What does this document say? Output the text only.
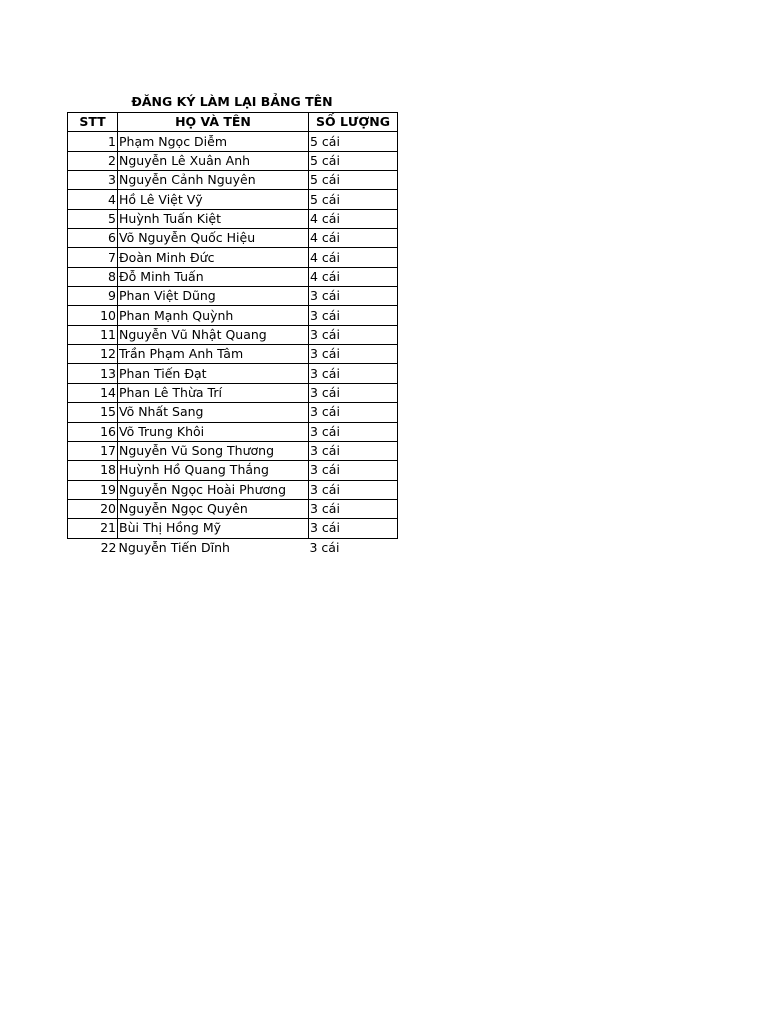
ĐĂNG KÝ LÀM LẠI BẢNG TÊN
STT	HỌ VÀ TÊN	SỐ LƯỢNG
1	Phạm Ngọc Diễm	5 cái
2	Nguyễn Lê Xuân Anh	5 cái
3	Nguyễn Cảnh Nguyên	5 cái
4	Hồ Lê Việt Vỹ	5 cái
5	Huỳnh Tuấn Kiệt	4 cái
6	Võ Nguyễn Quốc Hiệu	4 cái
7	Đoàn Minh Đức	4 cái
8	Đỗ Minh Tuấn	4 cái
9	Phan Việt Dũng	3 cái
10	Phan Mạnh Quỳnh	3 cái
11	Nguyễn Vũ Nhật Quang	3 cái
12	Trần Phạm Anh Tâm	3 cái
13	Phan Tiến Đạt	3 cái
14	Phan Lê Thừa Trí	3 cái
15	Võ Nhất Sang	3 cái
16	Võ Trung Khôi	3 cái
17	Nguyễn Vũ Song Thương	3 cái
18	Huỳnh Hồ Quang Thắng	3 cái
19	Nguyễn Ngọc Hoài Phương	3 cái
20	Nguyễn Ngọc Quyên	3 cái
21	Bùi Thị Hồng Mỹ	3 cái
22	Nguyễn Tiến Dĩnh	3 cái
